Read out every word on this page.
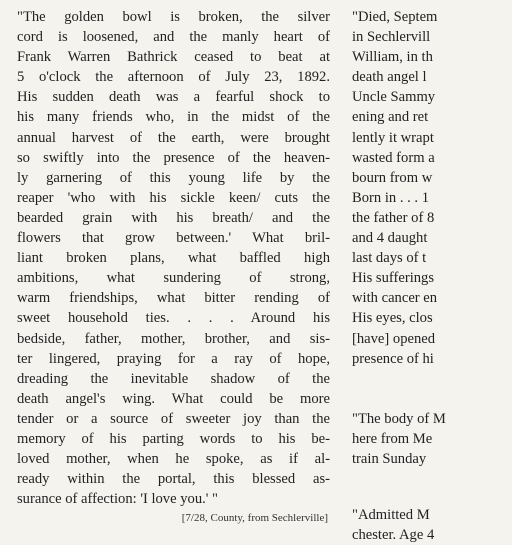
"The golden bowl is broken, the silver
cord is loosened, and the manly heart of
Frank Warren Bathrick ceased to beat at
5 o'clock the afternoon of July 23, 1892.
His sudden death was a fearful shock to
his many friends who, in the midst of the
annual harvest of the earth, were brought
so swiftly into the presence of the heaven-
ly garnering of this young life by the
reaper 'who with his sickle keen/ cuts the
bearded grain with his breath/ and the
flowers that grow between.' What bril-
liant broken plans, what baffled high
ambitions, what sundering of strong,
warm friendships, what bitter rending of
sweet household ties. . . . Around his
bedside, father, mother, brother, and sis-
ter lingered, praying for a ray of hope,
dreading the inevitable shadow of the
death angel's wing. What could be more
tender or a source of sweeter joy than the
memory of his parting words to his be-
loved mother, when he spoke, as if al-
ready within the portal, this blessed as-
surance of affection: 'I love you.' "
[7/28, County, from Sechlerville]
"Died, Septem
in Sechlervill
William, in th
death angel l
Uncle Sammy
ening and ret
lently it wrapt
wasted form a
bourn from w
Born in . . . 1
the father of 8
and 4 daught
last days of t
His sufferings
with cancer en
His eyes, clos
[have] opened
presence of hi
"The body of M
here from Me
train Sunday
"Admitted M
chester. Age 4
